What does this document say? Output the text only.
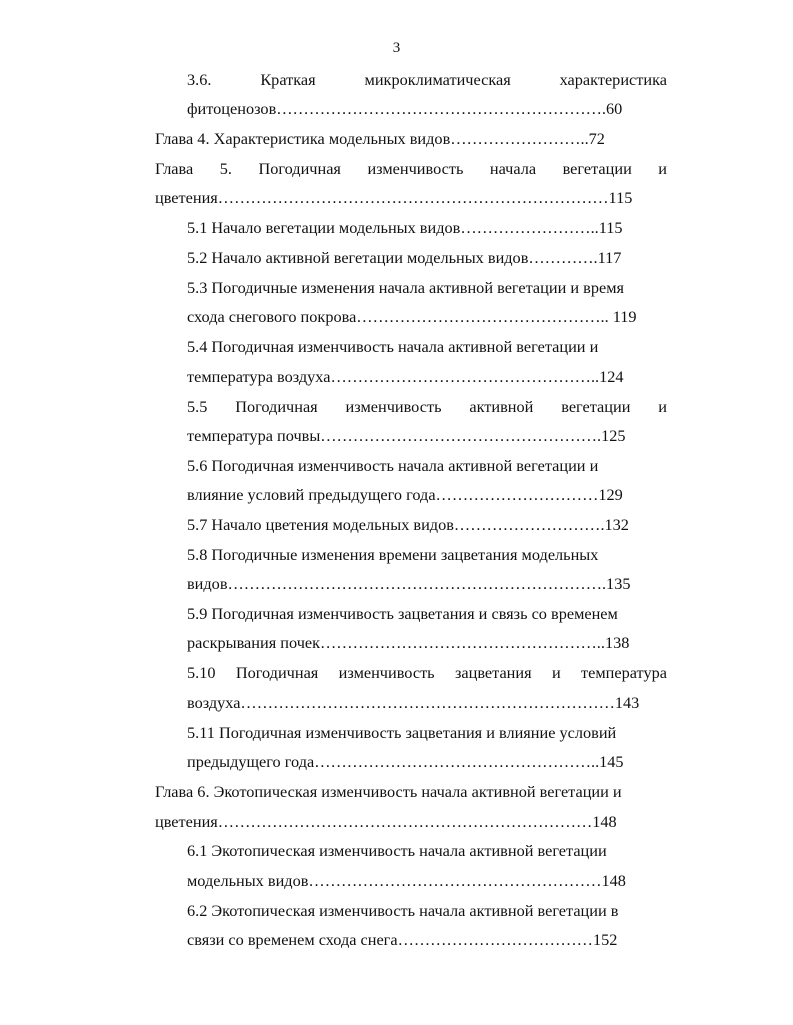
3
3.6.	Краткая	микроклиматическая	характеристика
фитоценозов…………………………………………………….60
Глава 4. Характеристика модельных видов……………………..72
Глава 5. Погодичная изменчивость начала вегетации и
цветения………………………………………………………………115
5.1 Начало вегетации модельных видов……………………..115
5.2 Начало активной вегетации модельных видов………….117
5.3 Погодичные изменения начала активной вегетации и время
схода снегового покрова……………………………………….. 119
5.4 Погодичная изменчивость начала активной вегетации и
температура воздуха…………………………………………..124
5.5 Погодичная изменчивость активной вегетации и
температура почвы…………………………………………….125
5.6 Погодичная изменчивость начала активной вегетации и
влияние условий предыдущего года…………………………129
5.7 Начало цветения модельных видов……………………….132
5.8 Погодичные изменения времени зацветания модельных
видов…………………………………………………………….135
5.9 Погодичная изменчивость зацветания и связь со временем
раскрывания почек……………………………………………..138
5.10 Погодичная изменчивость зацветания и температура
воздуха……………………………………………………………143
5.11 Погодичная изменчивость зацветания и влияние условий
предыдущего года……………………………………………..145
Глава 6. Экотопическая изменчивость начала активной вегетации и
цветения……………………………………………………………148
6.1 Экотопическая изменчивость начала активной вегетации
модельных видов………………………………………………148
6.2 Экотопическая изменчивость начала активной вегетации в
связи со временем схода снега………………………………152
